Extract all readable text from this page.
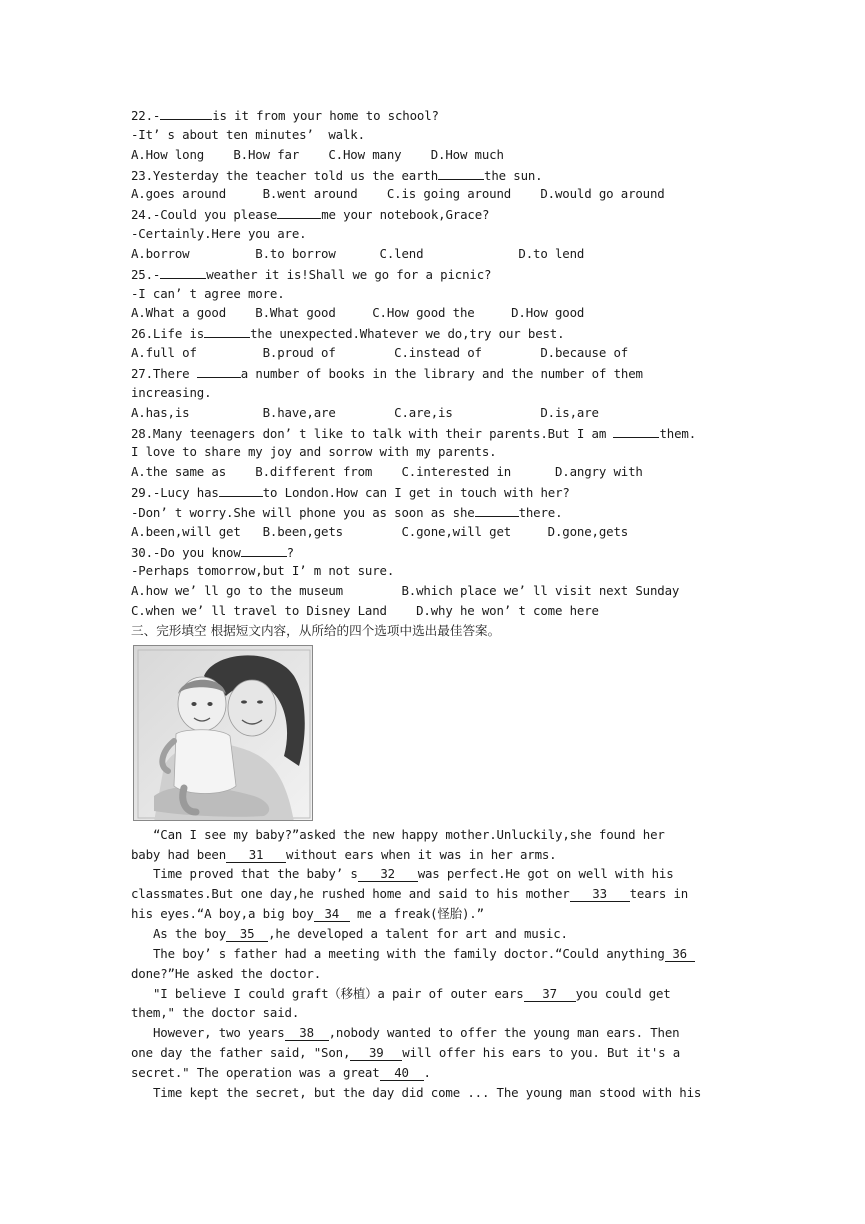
22.-	is it from your home to school?
-It’ s about ten minutes’  walk.
A.How long    B.How far    C.How many    D.How much
23.Yesterday the teacher told us the earth	the sun.
A.goes around     B.went around    C.is going around    D.would go around
24.-Could you please	me your notebook,Grace?
-Certainly.Here you are.
A.borrow         B.to borrow      C.lend             D.to lend
25.-	weather it is!Shall we go for a picnic?
-I can’ t agree more.
A.What a good    B.What good     C.How good the     D.How good
26.Life is	the unexpected.Whatever we do,try our best.
A.full of         B.proud of        C.instead of        D.because of
27.There	a number of books in the library and the number of them
increasing.
A.has,is          B.have,are        C.are,is            D.is,are
28.Many teenagers don’ t like to talk with their parents.But I am	them.
I love to share my joy and sorrow with my parents.
A.the same as    B.different from    C.interested in      D.angry with
29.-Lucy has	to London.How can I get in touch with her?
-Don’ t worry.She will phone you as soon as she	there.
A.been,will get   B.been,gets        C.gone,will get     D.gone,gets
30.-Do you know	?
-Perhaps tomorrow,but I’ m not sure.
A.how we’ ll go to the museum        B.which place we’ ll visit next Sunday
C.when we’ ll travel to Disney Land    D.why he won’ t come here
三、完形填空 根据短文内容，从所给的四个选项中选出最佳答案。
“Can I see my baby?”asked the new happy mother.Unluckily,she found her
baby had been 31 without ears when it was in her arms.
Time proved that the baby’ s 32 was perfect.He got on well with his
classmates.But one day,he rushed home and said to his mother 33 tears in
his eyes.“A boy,a big boy 34 me a freak(怪胎).”
As the boy 35 ,he developed a talent for art and music.
The boy’ s father had a meeting with the family doctor.“Could anything 36
done?”He asked the doctor.
"I believe I could graft（移植）a pair of outer ears 37 you could get
them," the doctor said.
However, two years 38 ,nobody wanted to offer the young man ears. Then
one day the father said, "Son, 39 will offer his ears to you. But it's a
secret." The operation was a great 40 .
Time kept the secret, but the day did come ... The young man stood with his
